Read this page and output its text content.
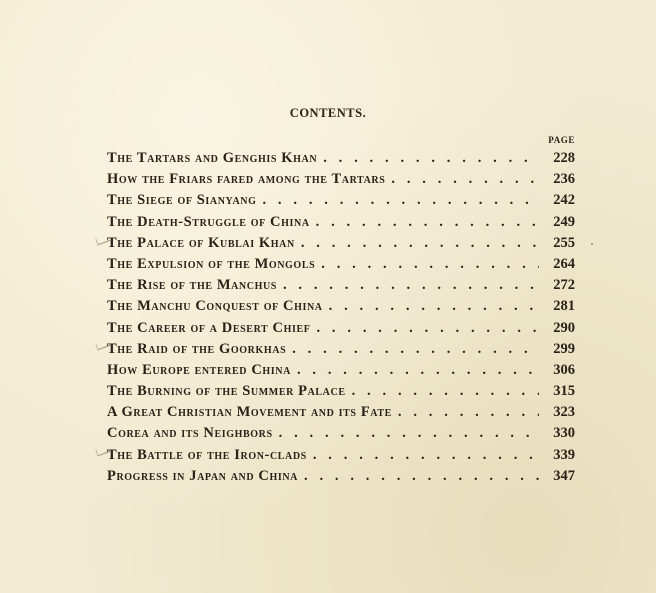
CONTENTS.
PAGE
The Tartars and Genghis Khan . . .	228
How the Friars fared among the Tartars . . .	236
The Siege of Sianyang . . .	242
The Death-Struggle of China . . .	249
The Palace of Kublai Khan . . .	255
The Expulsion of the Mongols . . .	264
The Rise of the Manchus . . .	272
The Manchu Conquest of China . . .	281
The Career of a Desert Chief . . .	290
The Raid of the Goorkhas . . .	299
How Europe entered China . . .	306
The Burning of the Summer Palace . . .	315
A Great Christian Movement and its Fate . . .	323
Corea and its Neighbors . . .	330
The Battle of the Iron-clads . . .	339
Progress in Japan and China . . .	347
